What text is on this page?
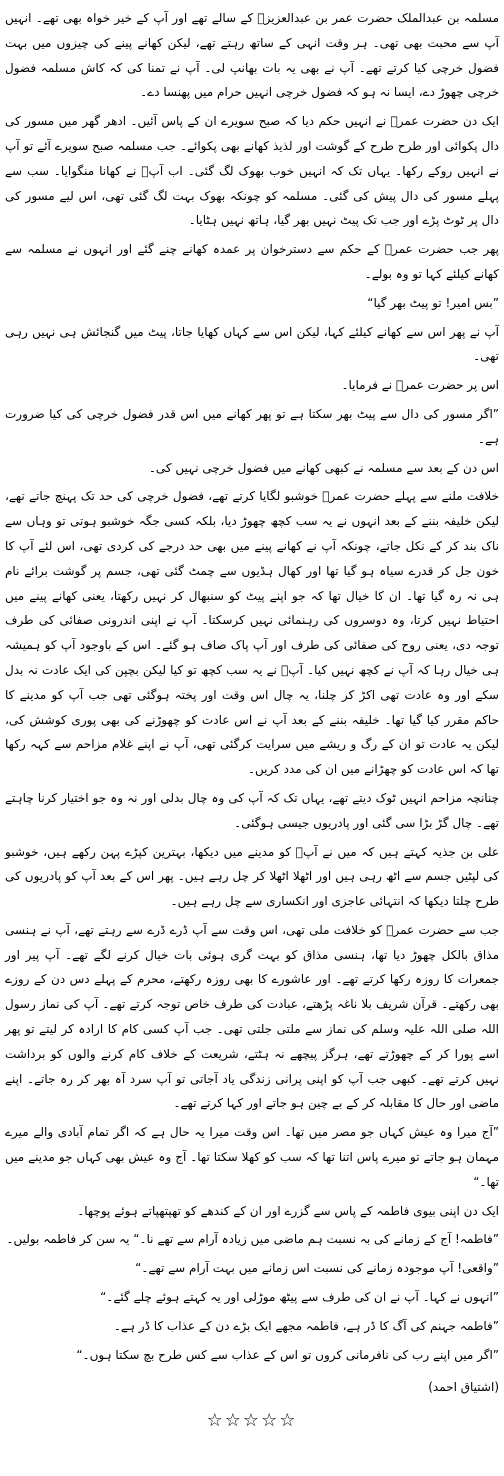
مسلمہ بن عبدالملک حضرت عمر بن عبدالعزیزؒ کے سالے تھے اور آپ کے خیر خواہ بھی تھے۔ انہیں آپ سے محبت بھی تھی۔ ہر وقت انہی کے ساتھ رہتے تھے، لیکن کھانے پینے کی چیزوں میں بہت فضول خرچی کیا کرتے تھے۔ آپ نے بھی یہ بات بھانپ لی۔ آپ نے تمنا کی کہ کاش مسلمہ فضول خرچی چھوڑ دے، ایسا نہ ہو کہ فضول خرچی انہیں حرام میں پھنسا دے۔

ایک دن حضرت عمرؒ نے انہیں حکم دیا کہ صبح سویرے ان کے پاس آئیں۔ ادھر گھر میں مسور کی دال پکوائی اور طرح طرح کے گوشت اور لذیذ کھانے بھی پکوائے۔ جب مسلمہ صبح سویرے آئے تو آپ نے انہیں روکے رکھا۔ یہاں تک کہ انہیں خوب بھوک لگ گئی۔ اب آپؒ نے کھانا منگوایا۔ سب سے پہلے مسور کی دال پیش کی گئی۔ مسلمہ کو چونکہ بھوک بہت لگ گئی تھی، اس لیے مسور کی دال پر ٹوٹ پڑے اور جب تک پیٹ نہیں بھر گیا، ہاتھ نہیں ہٹایا۔

پھر جب حضرت عمرؒ کے حکم سے دسترخوان پر عمدہ کھانے چنے گئے اور انہوں نے مسلمہ سے کھانے کیلئے کہا تو وہ بولے۔

”بس امیر! تو پیٹ بھر گیا“

آپ نے پھر اس سے کھانے کیلئے کہا، لیکن اس سے کہاں کھایا جاتا، پیٹ میں گنجائش ہی نہیں رہی تھی۔

اس پر حضرت عمرؒ نے فرمایا۔

”اگر مسور کی دال سے پیٹ بھر سکتا ہے تو پھر کھانے میں اس قدر فضول خرچی کی کیا ضرورت ہے۔

اس دن کے بعد سے مسلمہ نے کبھی کھانے میں فضول خرچی نہیں کی۔

خلافت ملنے سے پہلے حضرت عمرؒ خوشبو لگایا کرتے تھے، فضول خرچی کی حد تک پہنچ جاتے تھے، لیکن خلیفہ بننے کے بعد انہوں نے یہ سب کچھ چھوڑ دیا، بلکہ کسی جگہ خوشبو ہوتی تو وہاں سے ناک بند کر کے نکل جاتے، چونکہ آپ نے کھانے پینے میں بھی حد درجے کی کردی تھی، اس لئے آپ کا خون جل کر قدرے سیاہ ہو گیا تھا اور کھال ہڈیوں سے چمٹ گئی تھی، جسم پر گوشت برائے نام ہی نہ رہ گیا تھا۔ ان کا خیال تھا کہ جو اپنے پیٹ کو سنبھال کر نہیں رکھتا، یعنی کھانے پینے میں احتیاط نہیں کرتا، وہ دوسروں کی رہنمائی نہیں کرسکتا۔ آپ نے اپنی اندرونی صفائی کی طرف توجہ دی، یعنی روح کی صفائی کی طرف اور آپ پاک صاف ہو گئے۔ اس کے باوجود آپ کو ہمیشہ ہی خیال رہا کہ آپ نے کچھ نہیں کیا۔ آپؒ نے یہ سب کچھ تو کیا لیکن بچپن کی ایک عادت نہ بدل سکے اور وہ عادت تھی اکڑ کر چلنا، یہ چال اس وقت اور پختہ ہوگئی تھی جب آپ کو مدینے کا حاکم مقرر کیا گیا تھا۔ خلیفہ بننے کے بعد آپ نے اس عادت کو چھوڑنے کی بھی پوری کوشش کی، لیکن یہ عادت تو ان کے رگ و ریشے میں سرایت کرگئی تھی، آپ نے اپنے غلام مزاحم سے کہہ رکھا تھا کہ اس عادت کو چھڑانے میں ان کی مدد کریں۔

چنانچہ مزاحم انہیں ٹوک دیتے تھے، یہاں تک کہ آپ کی وہ چال بدلی اور نہ وہ جو اختیار کرنا چاہتے تھے۔ چال گڑ بڑا سی گئی اور پادریوں جیسی ہوگئی۔

علی بن جذیہ کہتے ہیں کہ میں نے آپؒ کو مدینے میں دیکھا، بہترین کپڑے پہن رکھے ہیں، خوشبو کی لپٹیں جسم سے اٹھ رہی ہیں اور اٹھلا اٹھلا کر چل رہے ہیں۔ پھر اس کے بعد آپ کو پادریوں کی طرح چلتا دیکھا کہ انتہائی عاجزی اور انکساری سے چل رہے ہیں۔

جب سے حضرت عمرؒ کو خلافت ملی تھی، اس وقت سے آپ ڈرے ڈرے سے رہتے تھے، آپ نے ہنسی مذاق بالکل چھوڑ دیا تھا، ہنسی مذاق کو بہت گری ہوئی بات خیال کرنے لگے تھے۔ آپ پیر اور جمعرات کا روزہ رکھا کرتے تھے۔ اور عاشورے کا بھی روزہ رکھتے، محرم کے پہلے دس دن کے روزے بھی رکھتے۔ قرآن شریف بلا ناغہ پڑھتے، عبادت کی طرف خاص توجہ کرتے تھے۔ آپ کی نماز رسول اللہ صلی اللہ علیہ وسلم کی نماز سے ملتی جلتی تھی۔ جب آپ کسی کام کا ارادہ کر لیتے تو پھر اسے پورا کر کے چھوڑتے تھے، ہرگز پیچھے نہ ہٹتے، شریعت کے خلاف کام کرنے والوں کو برداشت نہیں کرتے تھے۔ کبھی جب آپ کو اپنی پرانی زندگی یاد آجاتی تو آپ سرد آہ بھر کر رہ جاتے۔ اپنے ماضی اور حال کا مقابلہ کر کے بے چین ہو جاتے اور کہا کرتے تھے۔

”آج میرا وہ عیش کہاں جو مصر میں تھا۔ اس وقت میرا یہ حال ہے کہ اگر تمام آبادی والے میرے مہمان ہو جاتے تو میرے پاس اتنا تھا کہ سب کو کھلا سکتا تھا۔ آج وہ عیش بھی کہاں جو مدینے میں تھا۔“

ایک دن اپنی بیوی فاطمہ کے پاس سے گزرے اور ان کے کندھے کو تھپتھپاتے ہوئے پوچھا۔

”فاطمہ! آج کے زمانے کی بہ نسبت ہم ماضی میں زیادہ آرام سے تھے نا۔“ یہ سن کر فاطمہ بولیں۔

”واقعی! آپ موجودہ زمانے کی نسبت اس زمانے میں بہت آرام سے تھے۔“

”انہوں نے کہا۔ آپ نے ان کی طرف سے پیٹھ موڑلی اور یہ کہتے ہوئے چلے گئے۔“

”فاطمہ جہنم کی آگ کا ڈر ہے، فاطمہ مجھے ایک بڑے دن کے عذاب کا ڈر ہے۔

”اگر میں اپنے رب کی نافرمانی کروں تو اس کے عذاب سے کس طرح بچ سکتا ہوں۔“

(اشتیاق احمد)
☆☆☆☆☆
